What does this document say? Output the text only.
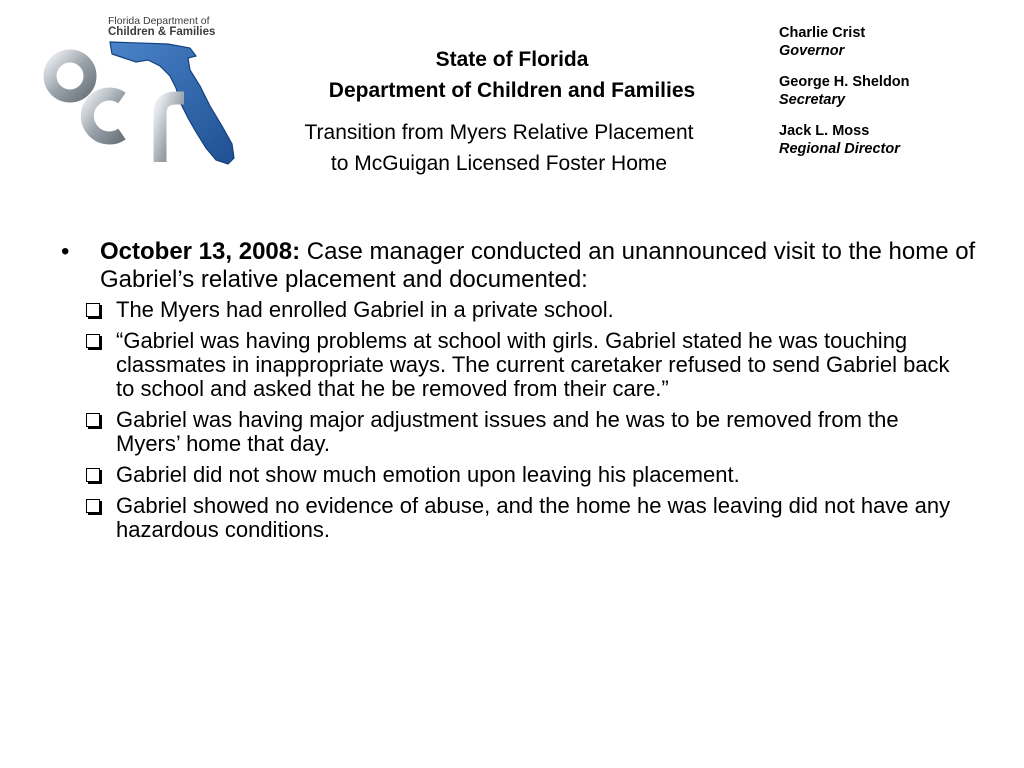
Florida Department of
Children & Families
State of Florida
Department of Children and Families
Transition from Myers Relative Placement
to McGuigan Licensed Foster Home
Charlie Crist
Governor
George H. Sheldon
Secretary
Jack L. Moss
Regional Director
• October 13, 2008: Case manager conducted an unannounced visit to the home of Gabriel’s relative placement and documented:
The Myers had enrolled Gabriel in a private school.
“Gabriel was having problems at school with girls. Gabriel stated he was touching classmates in inappropriate ways. The current caretaker refused to send Gabriel back to school and asked that he be removed from their care.”
Gabriel was having major adjustment issues and he was to be removed from the Myers’ home that day.
Gabriel did not show much emotion upon leaving his placement.
Gabriel showed no evidence of abuse, and the home he was leaving did not have any hazardous conditions.
